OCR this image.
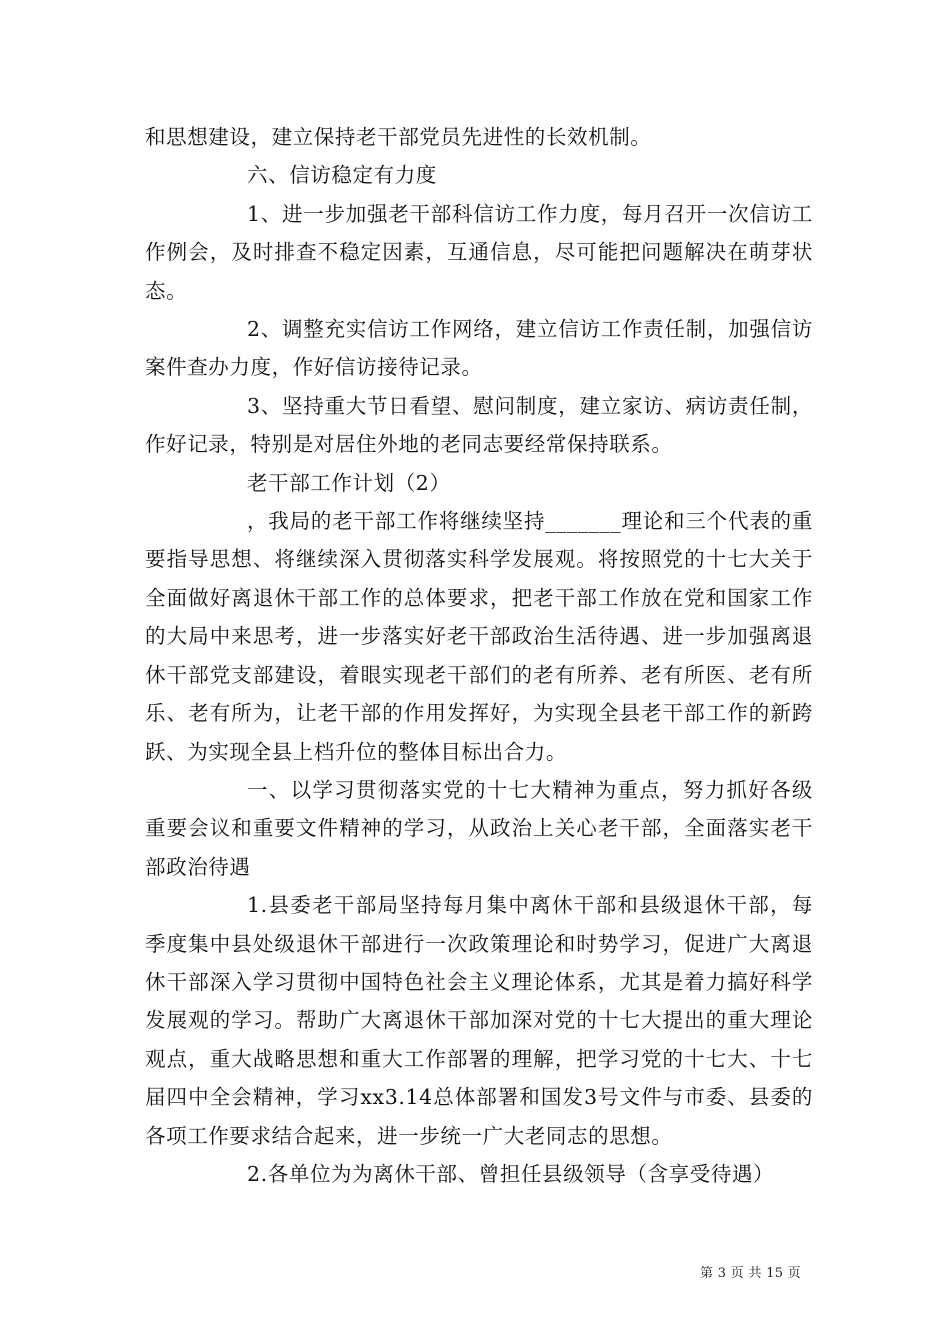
和思想建设，建立保持老干部党员先进性的长效机制。

六、信访稳定有力度

1、进一步加强老干部科信访工作力度，每月召开一次信访工作例会，及时排查不稳定因素，互通信息，尽可能把问题解决在萌芽状态。

2、调整充实信访工作网络，建立信访工作责任制，加强信访案件查办力度，作好信访接待记录。

3、坚持重大节日看望、慰问制度，建立家访、病访责任制，作好记录，特别是对居住外地的老同志要经常保持联系。

老干部工作计划（2）

，我局的老干部工作将继续坚持_______理论和三个代表的重要指导思想、将继续深入贯彻落实科学发展观。将按照党的十七大关于全面做好离退休干部工作的总体要求，把老干部工作放在党和国家工作的大局中来思考，进一步落实好老干部政治生活待遇、进一步加强离退休干部党支部建设，着眼实现老干部们的老有所养、老有所医、老有所乐、老有所为，让老干部的作用发挥好，为实现全县老干部工作的新跨跃、为实现全县上档升位的整体目标出合力。

一、以学习贯彻落实党的十七大精神为重点，努力抓好各级重要会议和重要文件精神的学习，从政治上关心老干部，全面落实老干部政治待遇

1.县委老干部局坚持每月集中离休干部和县级退休干部，每季度集中县处级退休干部进行一次政策理论和时势学习，促进广大离退休干部深入学习贯彻中国特色社会主义理论体系，尤其是着力搞好科学发展观的学习。帮助广大离退休干部加深对党的十七大提出的重大理论观点，重大战略思想和重大工作部署的理解，把学习党的十七大、十七届四中全会精神，学习xx3.14总体部署和国发3号文件与市委、县委的各项工作要求结合起来，进一步统一广大老同志的思想。

2.各单位为为离休干部、曾担任县级领导（含享受待遇）

第 3 页 共 15 页
